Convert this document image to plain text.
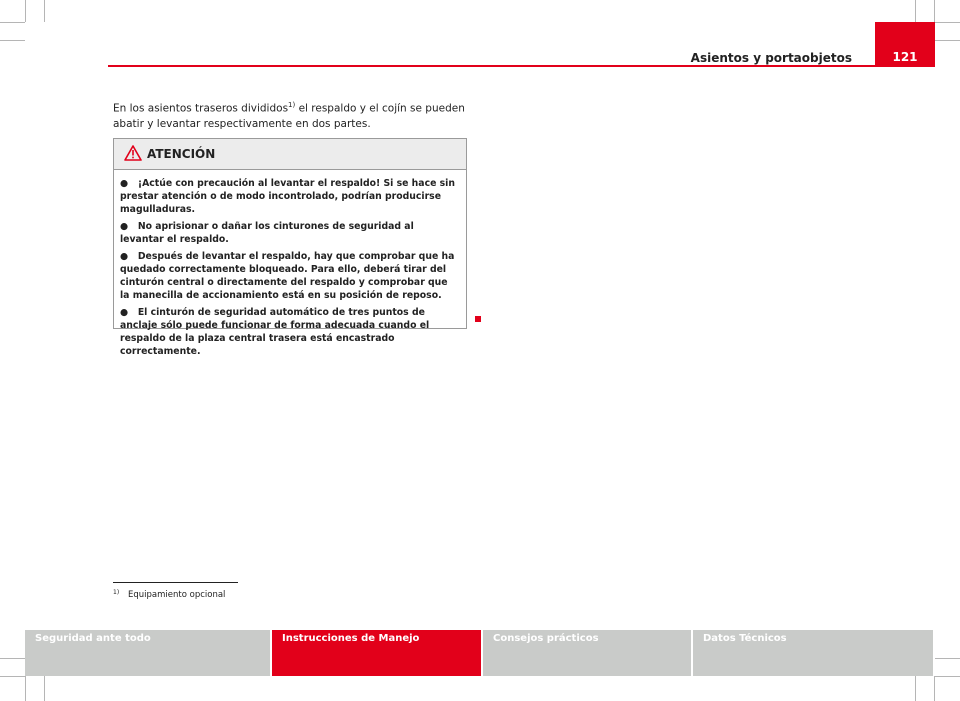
Asientos y portaobjetos	121
En los asientos traseros divididos$^{1)}$ el respaldo y el cojín se pueden abatir y levantar respectivamente en dos partes.
ATENCIÓN
●   ¡Actúe con precaución al levantar el respaldo! Si se hace sin prestar atención o de modo incontrolado, podrían producirse magulladuras.
●   No aprisionar o dañar los cinturones de seguridad al levantar el respaldo.
●   Después de levantar el respaldo, hay que comprobar que ha quedado correctamente bloqueado. Para ello, deberá tirar del cinturón central o directamente del respaldo y comprobar que la manecilla de accionamiento está en su posición de reposo.
●   El cinturón de seguridad automático de tres puntos de anclaje sólo puede funcionar de forma adecuada cuando el respaldo de la plaza central trasera está encastrado correctamente.
1) Equipamiento opcional
Seguridad ante todo	Instrucciones de Manejo	Consejos prácticos	Datos Técnicos
